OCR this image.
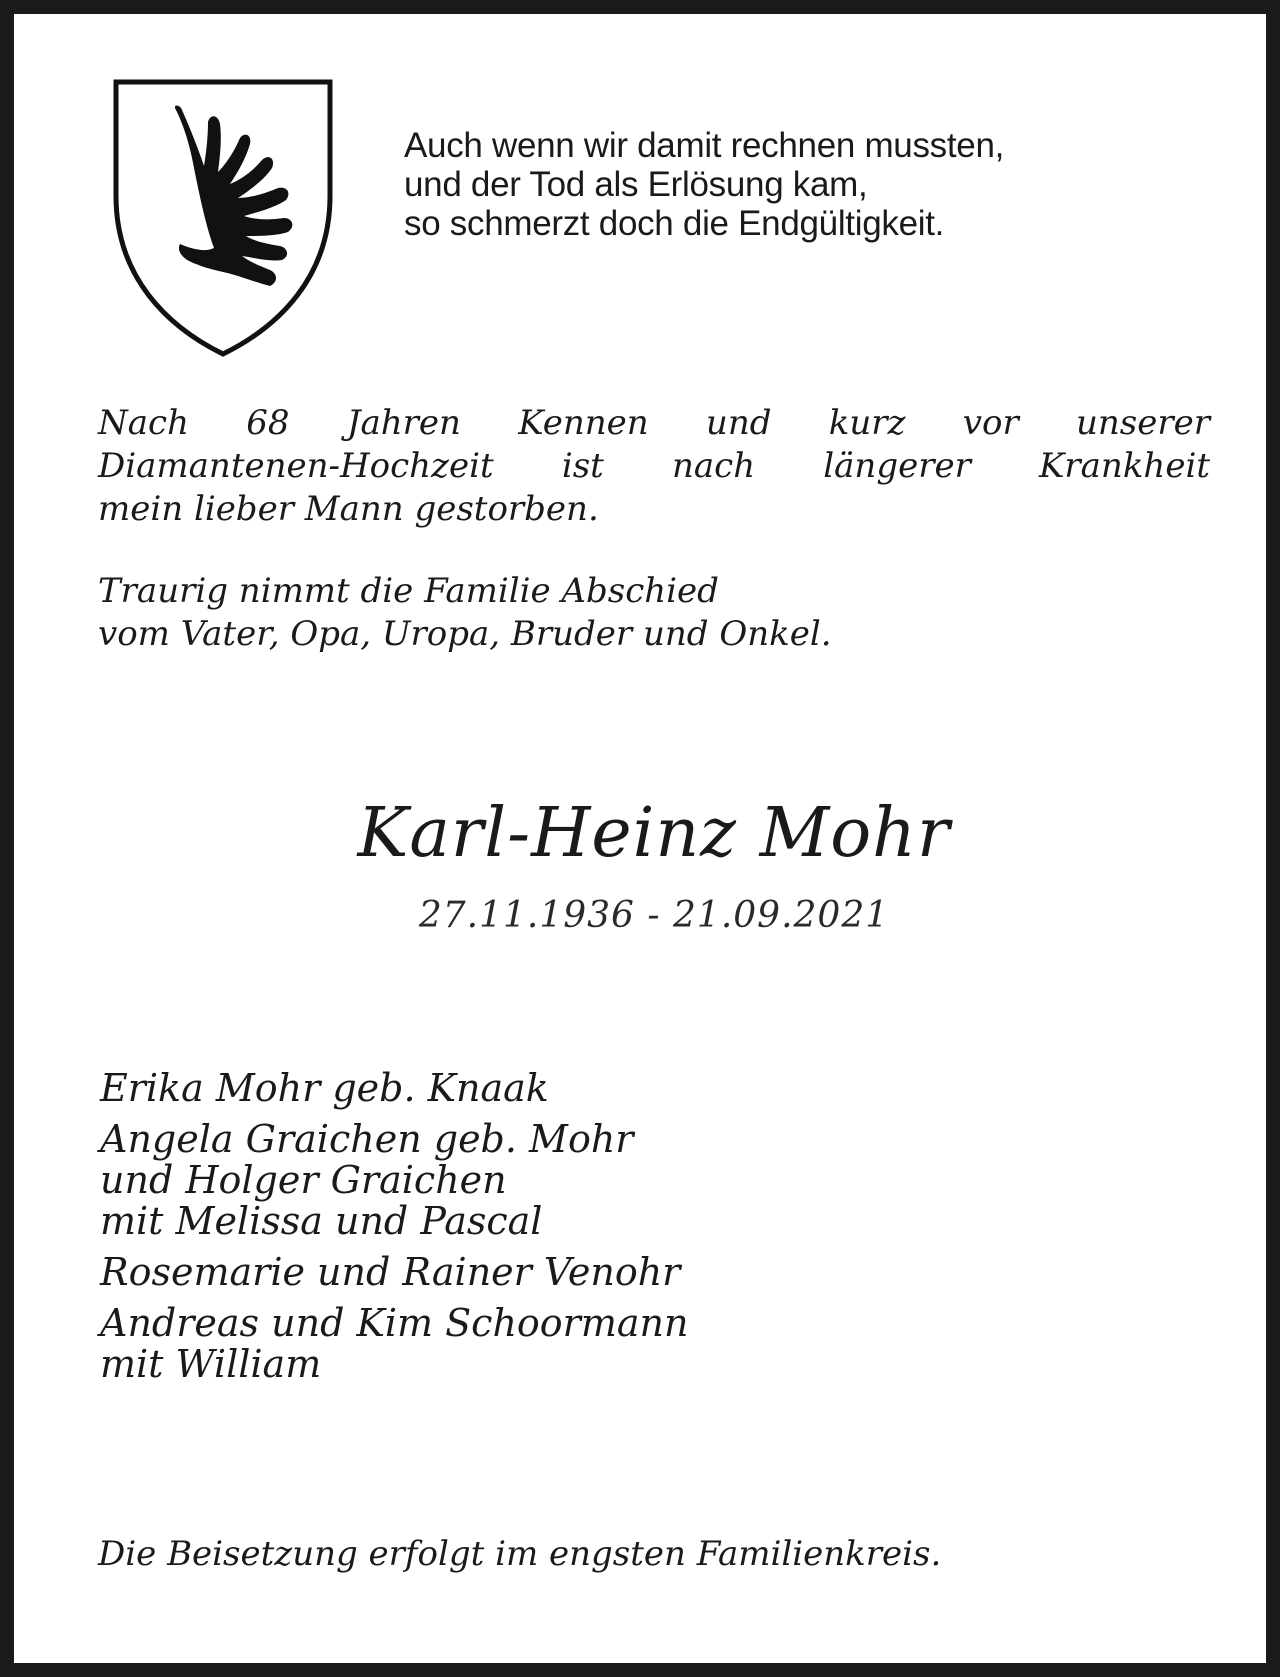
Auch wenn wir damit rechnen mussten,
und der Tod als Erlösung kam,
so schmerzt doch die Endgültigkeit.
Nach 68 Jahren Kennen und kurz vor unserer
Diamantenen-Hochzeit ist nach längerer Krankheit
mein lieber Mann gestorben.
Traurig nimmt die Familie Abschied
vom Vater, Opa, Uropa, Bruder und Onkel.
Karl-Heinz Mohr
27.11.1936 - 21.09.2021
Erika Mohr geb. Knaak
Angela Graichen geb. Mohr
und Holger Graichen
mit Melissa und Pascal
Rosemarie und Rainer Venohr
Andreas und Kim Schoormann
mit William
Die Beisetzung erfolgt im engsten Familienkreis.
